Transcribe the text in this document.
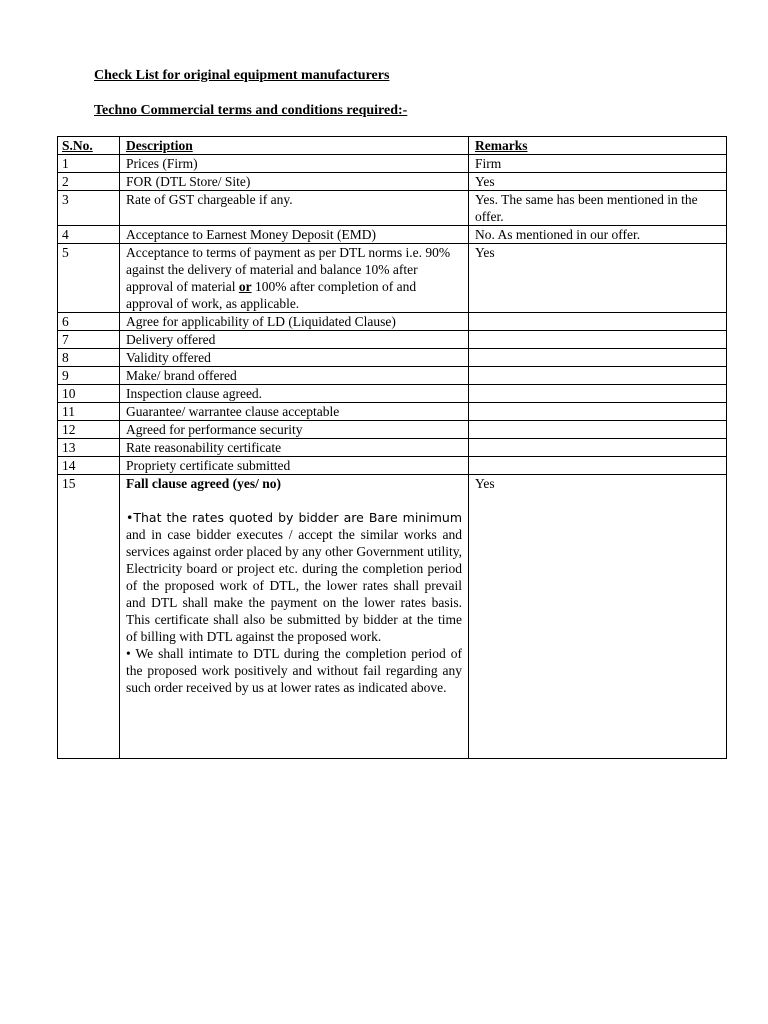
Check List for original equipment manufacturers
Techno Commercial terms and conditions required:-
S.No.	Description	Remarks
1	Prices (Firm)	Firm
2	FOR (DTL Store/ Site)	Yes
3	Rate of GST chargeable if any.	Yes. The same has been mentioned in the offer.
4	Acceptance to Earnest Money Deposit (EMD)	No. As mentioned in our offer.
5	Acceptance to terms of payment as per DTL norms i.e. 90% against the delivery of material and balance 10% after approval of material or 100% after completion of and approval of work, as applicable.	Yes
6	Agree for applicability of LD (Liquidated Clause)	
7	Delivery offered	
8	Validity offered	
9	Make/ brand offered	
10	Inspection clause agreed.	
11	Guarantee/ warrantee clause acceptable	
12	Agreed for performance security	
13	Rate reasonability certificate	
14	Propriety certificate submitted	
15	Fall clause agreed (yes/ no)
•That the rates quoted by bidder are Bare minimum and in case bidder executes / accept the similar works and services against order placed by any other Government utility, Electricity board or project etc. during the completion period of the proposed work of DTL, the lower rates shall prevail and DTL shall make the payment on the lower rates basis. This certificate shall also be submitted by bidder at the time of billing with DTL against the proposed work.
• We shall intimate to DTL during the completion period of the proposed work positively and without fail regarding any such order received by us at lower rates as indicated above.	Yes
